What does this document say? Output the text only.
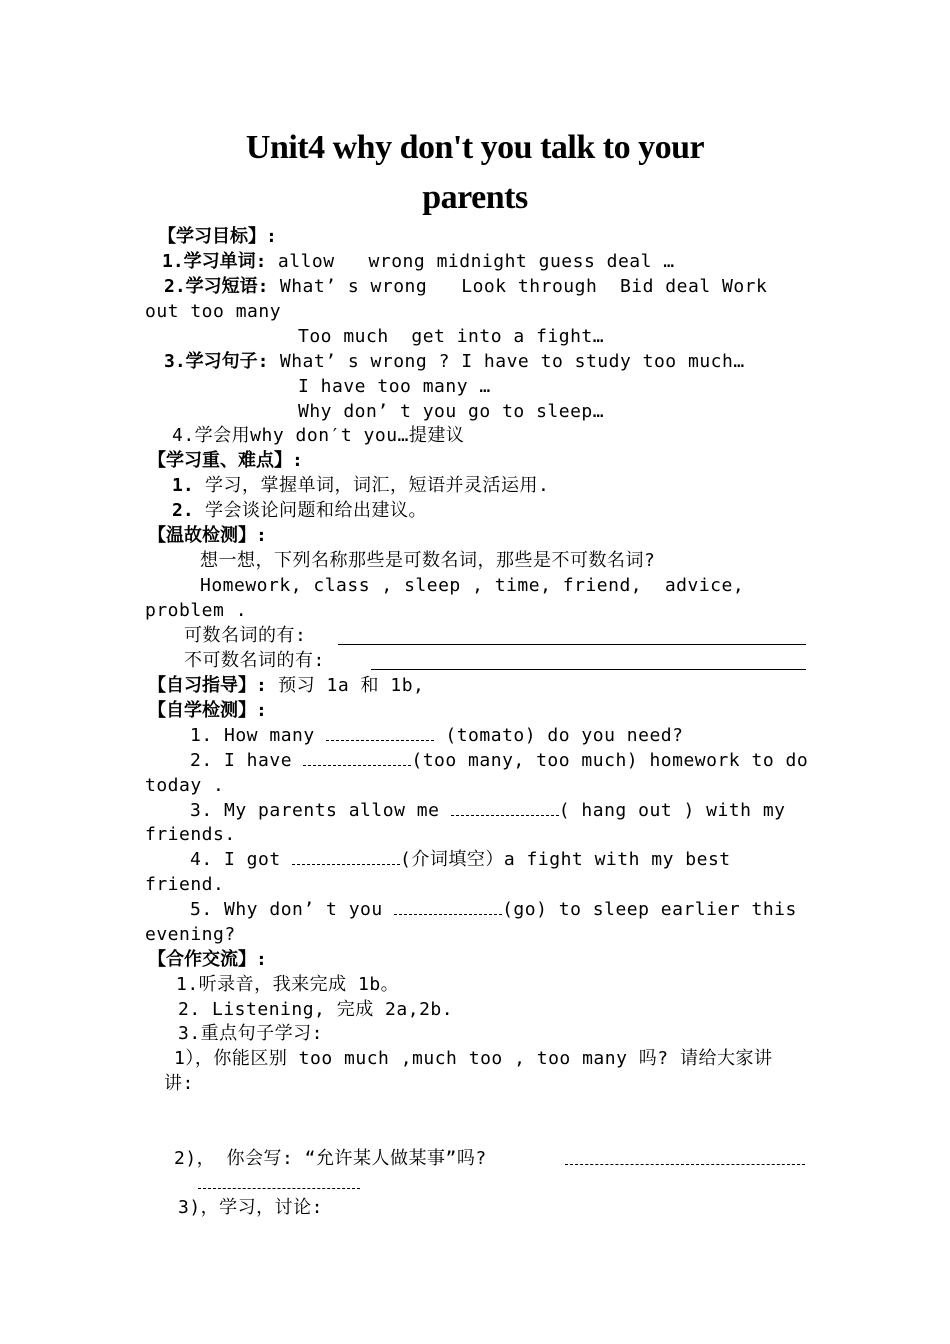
Unit4 why don't you talk to your
parents
【学习目标】:
1.学习单词: allow   wrong midnight guess deal …
2.学习短语: What’ s wrong   Look through  Bid deal Work
out too many
Too much  get into a fight…
3.学习句子: What’ s wrong ? I have to study too much…
I have too many …
Why don’ t you go to sleep…
4.学会用why don′t you…提建议
【学习重、难点】:
1. 学习，掌握单词，词汇，短语并灵活运用.
2. 学会谈论问题和给出建议。
【温故检测】:
想一想，下列名称那些是可数名词，那些是不可数名词?
Homework, class , sleep , time, friend,  advice,
problem .
可数名词的有:
不可数名词的有:
【自习指导】: 预习 1a 和 1b,
【自学检测】:
1. How many	(tomato) do you need?
2. I have	(too many, too much) homework to do
today .
3. My parents allow me	( hang out ) with my
friends.
4. I got	(介词填空）a fight with my best
friend.
5. Why don’ t you	(go) to sleep earlier this
evening?
【合作交流】:
1.听录音，我来完成 1b。
2. Listening, 完成 2a,2b.
3.重点句子学习:
1），你能区别 too much ,much too , too many 吗? 请给大家讲
讲:
2)， 你会写: “允许某人做某事”吗?
3)，学习，讨论:
